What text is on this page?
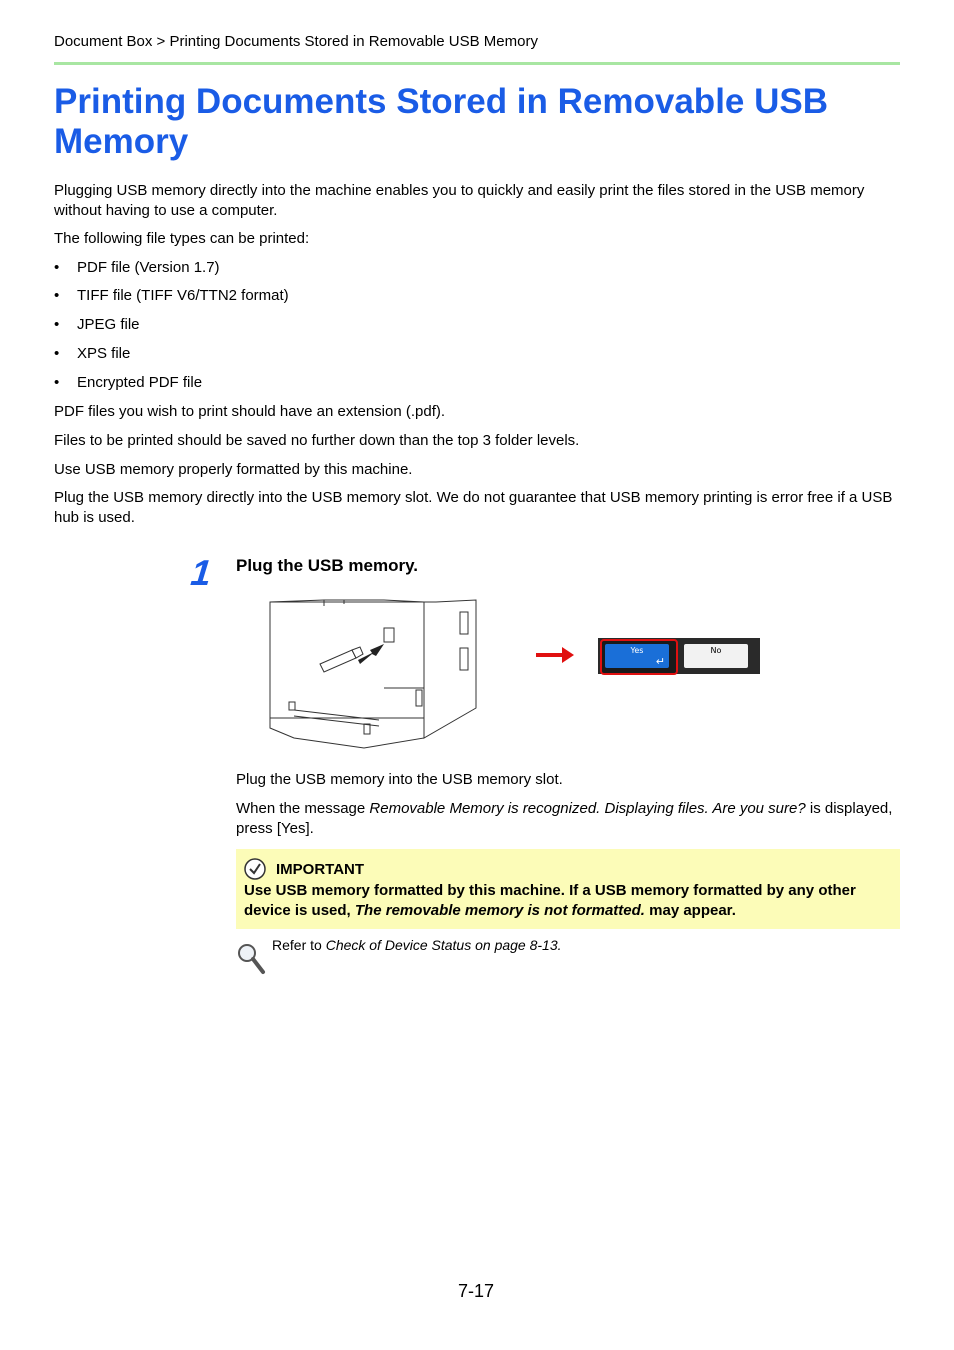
Document Box > Printing Documents Stored in Removable USB Memory
Printing Documents Stored in Removable USB Memory
Plugging USB memory directly into the machine enables you to quickly and easily print the files stored in the USB memory without having to use a computer.
The following file types can be printed:
• PDF file (Version 1.7)
• TIFF file (TIFF V6/TTN2 format)
• JPEG file
• XPS file
• Encrypted PDF file
PDF files you wish to print should have an extension (.pdf).
Files to be printed should be saved no further down than the top 3 folder levels.
Use USB memory properly formatted by this machine.
Plug the USB memory directly into the USB memory slot. We do not guarantee that USB memory printing is error free if a USB hub is used.
1 Plug the USB memory.
Yes
↵
No
Plug the USB memory into the USB memory slot.
When the message Removable Memory is recognized. Displaying files. Are you sure? is displayed, press [Yes].
IMPORTANT
Use USB memory formatted by this machine. If a USB memory formatted by any other device is used, The removable memory is not formatted. may appear.
Refer to Check of Device Status on page 8-13.
7-17
